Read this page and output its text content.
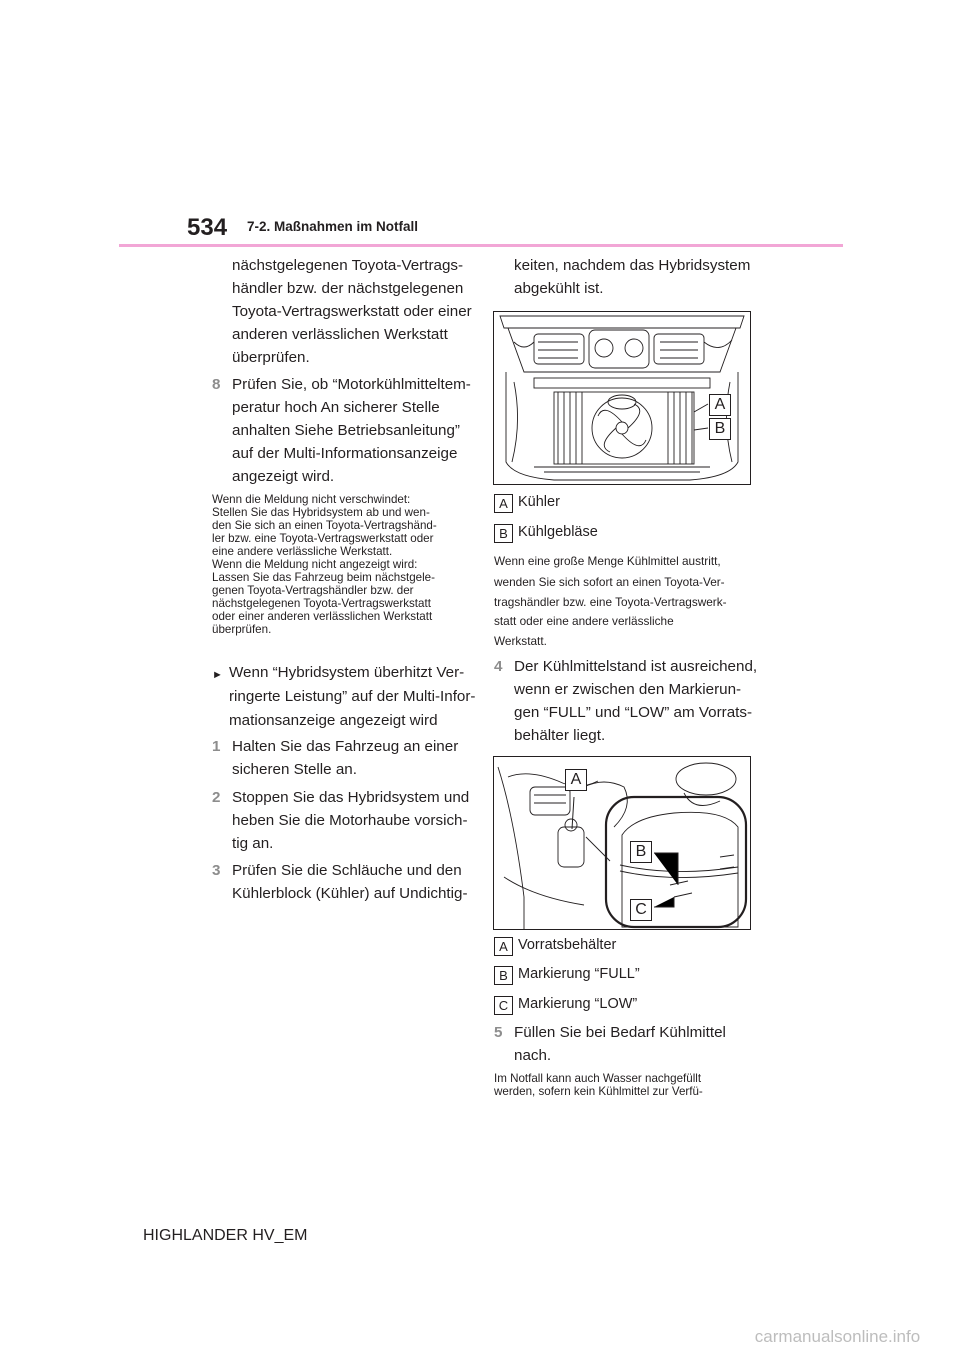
534 7-2. Maßnahmen im Notfall
nächstgelegenen Toyota-Vertrags-
händler bzw. der nächstgelegenen
Toyota-Vertragswerkstatt oder einer
anderen verlässlichen Werkstatt
überprüfen.
8 Prüfen Sie, ob “Motorkühlmitteltem-
peratur hoch An sicherer Stelle
anhalten Siehe Betriebsanleitung”
auf der Multi-Informationsanzeige
angezeigt wird.
Wenn die Meldung nicht verschwindet:
Stellen Sie das Hybridsystem ab und wen-
den Sie sich an einen Toyota-Vertragshänd-
ler bzw. eine Toyota-Vertragswerkstatt oder
eine andere verlässliche Werkstatt.
Wenn die Meldung nicht angezeigt wird:
Lassen Sie das Fahrzeug beim nächstgele-
genen Toyota-Vertragshändler bzw. der
nächstgelegenen Toyota-Vertragswerkstatt
oder einer anderen verlässlichen Werkstatt
überprüfen.
► Wenn “Hybridsystem überhitzt Ver-
ringerte Leistung” auf der Multi-Infor-
mationsanzeige angezeigt wird
1 Halten Sie das Fahrzeug an einer
sicheren Stelle an.
2 Stoppen Sie das Hybridsystem und
heben Sie die Motorhaube vorsich-
tig an.
3 Prüfen Sie die Schläuche und den
Kühlerblock (Kühler) auf Undichtig-
keiten, nachdem das Hybridsystem
abgekühlt ist.
A
B
A Kühler
B Kühlgebläse
Wenn eine große Menge Kühlmittel austritt,
wenden Sie sich sofort an einen Toyota-Ver-
tragshändler bzw. eine Toyota-Vertragswerk-
statt oder eine andere verlässliche
Werkstatt.
4 Der Kühlmittelstand ist ausreichend,
wenn er zwischen den Markierun-
gen “FULL” und “LOW” am Vorrats-
behälter liegt.
A
B
C
A Vorratsbehälter
B Markierung “FULL”
C Markierung “LOW”
5 Füllen Sie bei Bedarf Kühlmittel
nach.
Im Notfall kann auch Wasser nachgefüllt
werden, sofern kein Kühlmittel zur Verfü-
HIGHLANDER HV_EM
carmanualsonline.info
